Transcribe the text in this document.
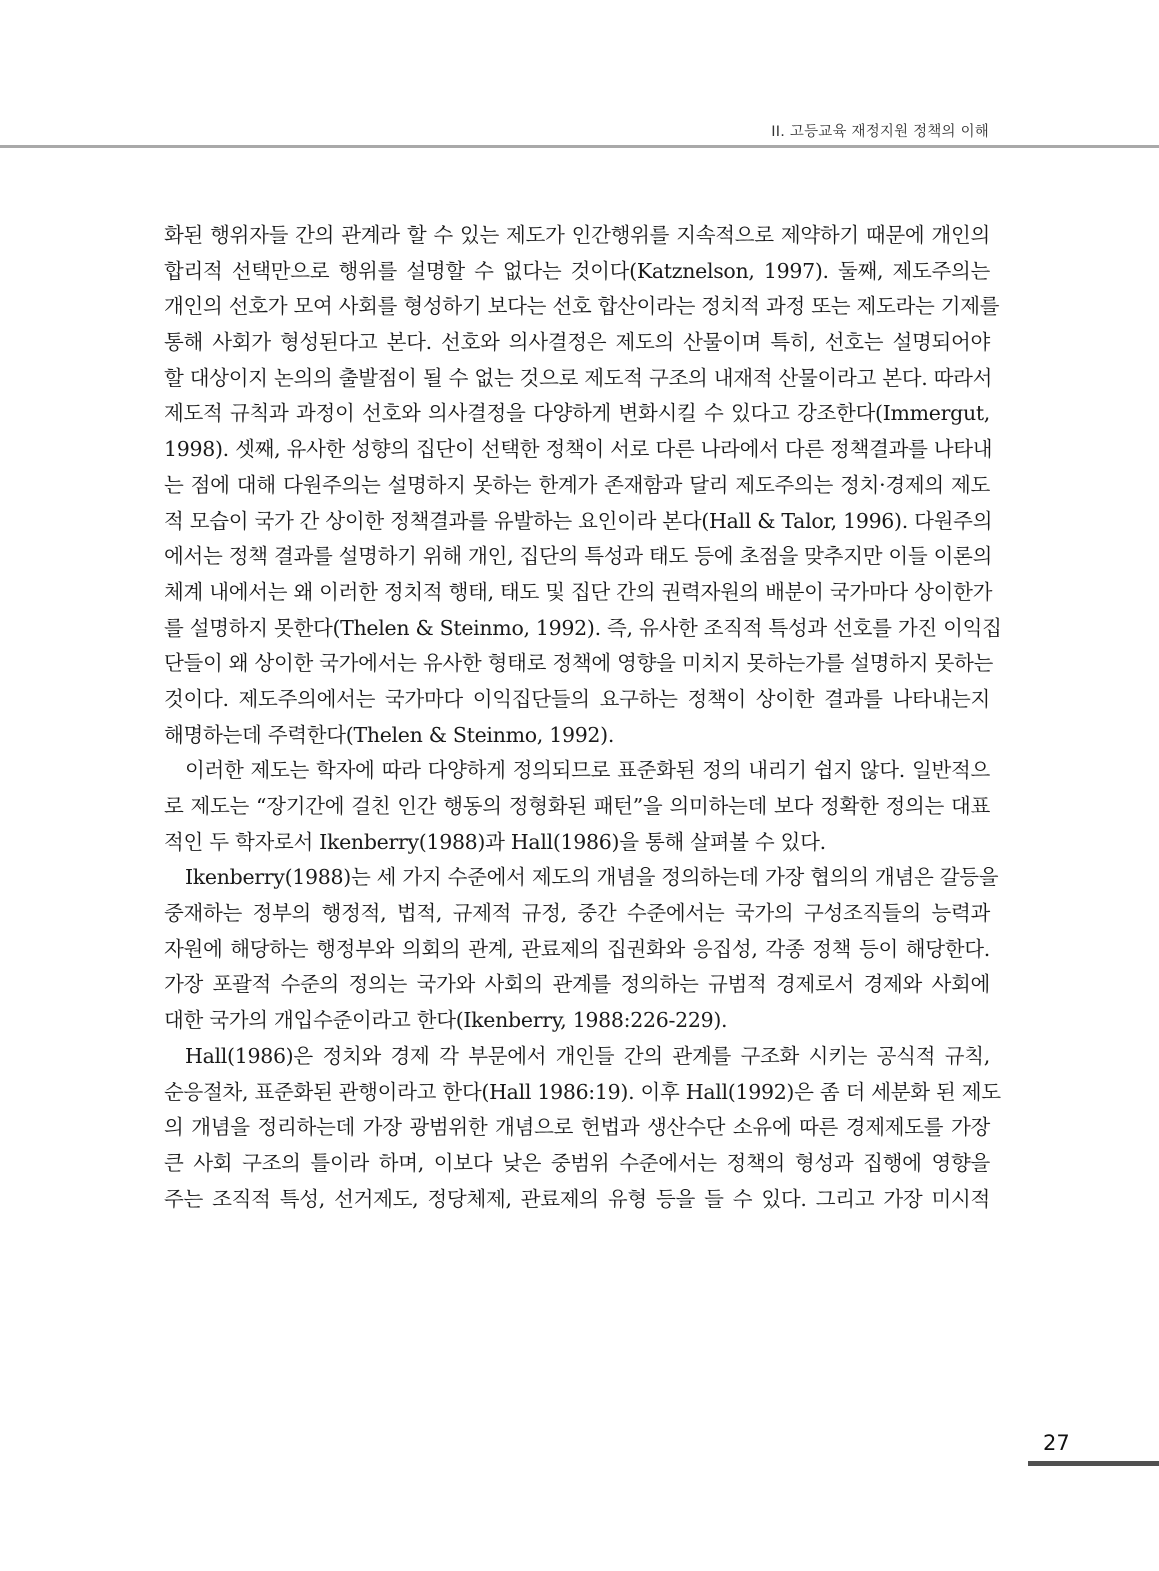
II. 고등교육 재정지원 정책의 이해
화된 행위자들 간의 관계라 할 수 있는 제도가 인간행위를 지속적으로 제약하기 때문에 개인의
합리적 선택만으로 행위를 설명할 수 없다는 것이다(Katznelson, 1997). 둘째, 제도주의는
개인의 선호가 모여 사회를 형성하기 보다는 선호 합산이라는 정치적 과정 또는 제도라는 기제를
통해 사회가 형성된다고 본다. 선호와 의사결정은 제도의 산물이며 특히, 선호는 설명되어야
할 대상이지 논의의 출발점이 될 수 없는 것으로 제도적 구조의 내재적 산물이라고 본다. 따라서
제도적 규칙과 과정이 선호와 의사결정을 다양하게 변화시킬 수 있다고 강조한다(Immergut,
1998). 셋째, 유사한 성향의 집단이 선택한 정책이 서로 다른 나라에서 다른 정책결과를 나타내
는 점에 대해 다원주의는 설명하지 못하는 한계가 존재함과 달리 제도주의는 정치·경제의 제도
적 모습이 국가 간 상이한 정책결과를 유발하는 요인이라 본다(Hall & Talor, 1996). 다원주의
에서는 정책 결과를 설명하기 위해 개인, 집단의 특성과 태도 등에 초점을 맞추지만 이들 이론의
체계 내에서는 왜 이러한 정치적 행태, 태도 및 집단 간의 권력자원의 배분이 국가마다 상이한가
를 설명하지 못한다(Thelen & Steinmo, 1992). 즉, 유사한 조직적 특성과 선호를 가진 이익집
단들이 왜 상이한 국가에서는 유사한 형태로 정책에 영향을 미치지 못하는가를 설명하지 못하는
것이다. 제도주의에서는 국가마다 이익집단들의 요구하는 정책이 상이한 결과를 나타내는지
해명하는데 주력한다(Thelen & Steinmo, 1992).
이러한 제도는 학자에 따라 다양하게 정의되므로 표준화된 정의 내리기 쉽지 않다. 일반적으
로 제도는 “장기간에 걸친 인간 행동의 정형화된 패턴”을 의미하는데 보다 정확한 정의는 대표
적인 두 학자로서 Ikenberry(1988)과 Hall(1986)을 통해 살펴볼 수 있다.
Ikenberry(1988)는 세 가지 수준에서 제도의 개념을 정의하는데 가장 협의의 개념은 갈등을
중재하는 정부의 행정적, 법적, 규제적 규정, 중간 수준에서는 국가의 구성조직들의 능력과
자원에 해당하는 행정부와 의회의 관계, 관료제의 집권화와 응집성, 각종 정책 등이 해당한다.
가장 포괄적 수준의 정의는 국가와 사회의 관계를 정의하는 규범적 경제로서 경제와 사회에
대한 국가의 개입수준이라고 한다(Ikenberry, 1988:226-229).
Hall(1986)은 정치와 경제 각 부문에서 개인들 간의 관계를 구조화 시키는 공식적 규칙,
순응절차, 표준화된 관행이라고 한다(Hall 1986:19). 이후 Hall(1992)은 좀 더 세분화 된 제도
의 개념을 정리하는데 가장 광범위한 개념으로 헌법과 생산수단 소유에 따른 경제제도를 가장
큰 사회 구조의 틀이라 하며, 이보다 낮은 중범위 수준에서는 정책의 형성과 집행에 영향을
주는 조직적 특성, 선거제도, 정당체제, 관료제의 유형 등을 들 수 있다. 그리고 가장 미시적
27
